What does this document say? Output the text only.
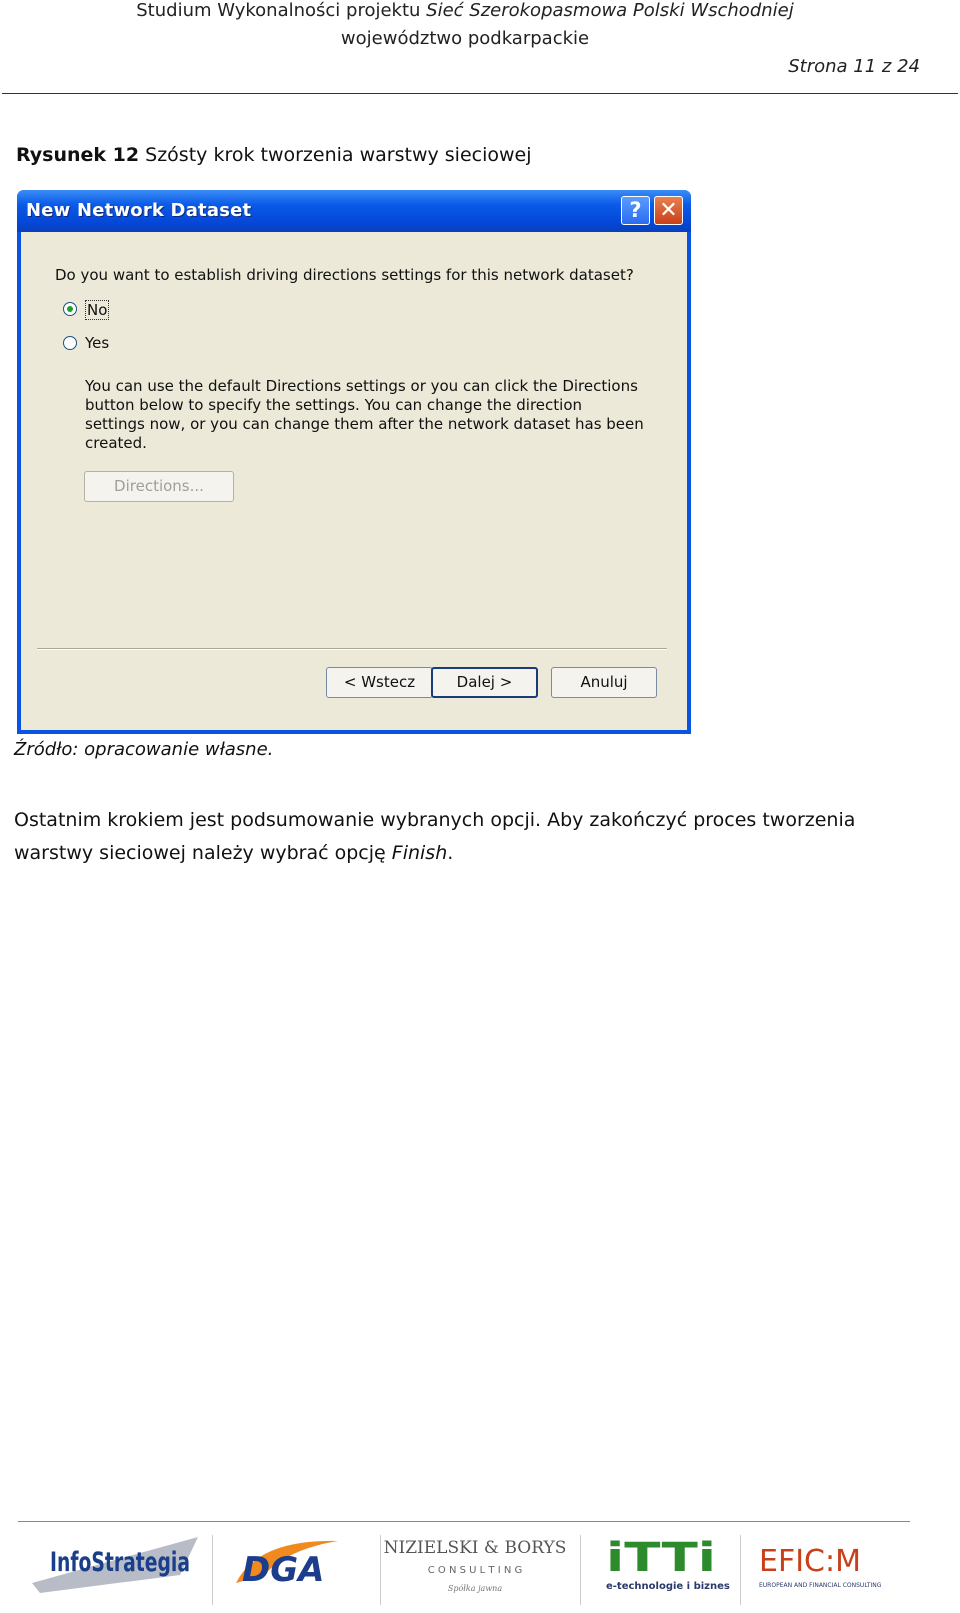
Studium Wykonalności projektu Sieć Szerokopasmowa Polski Wschodniej
województwo podkarpackie
Strona 11 z 24
Rysunek 12 Szósty krok tworzenia warstwy sieciowej
New Network Dataset	? ✕
Do you want to establish driving directions settings for this network dataset?
No
Yes
You can use the default Directions settings or you can click the Directions button below to specify the settings. You can change the direction settings now, or you can change them after the network dataset has been created.
Directions...
< Wstecz	Dalej >	Anuluj
Źródło: opracowanie własne.
Ostatnim krokiem jest podsumowanie wybranych opcji. Aby zakończyć proces tworzenia warstwy sieciowej należy wybrać opcję Finish.
InfoStrategia DGA
NIZIELSKI & BORYS
C O N S U L T I N G
Spółka jawna
iTTi
e-technologie i biznes
EFIC:M
EUROPEAN AND FINANCIAL CONSULTING
